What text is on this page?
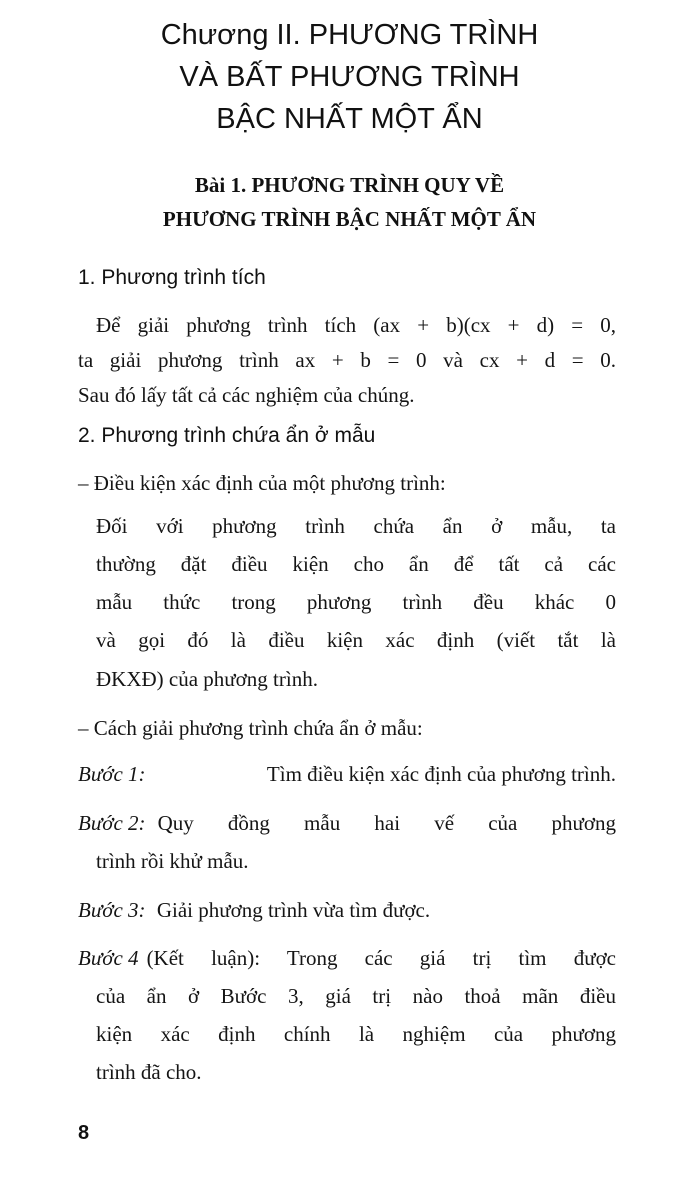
Chương II. PHƯƠNG TRÌNH
VÀ BẤT PHƯƠNG TRÌNH
BẬC NHẤT MỘT ẨN
Bài 1. PHƯƠNG TRÌNH QUY VỀ
PHƯƠNG TRÌNH BẬC NHẤT MỘT ẨN
1. Phương trình tích
Để giải phương trình tích (ax + b)(cx + d) = 0,
ta giải phương trình ax + b = 0 và cx + d = 0.
Sau đó lấy tất cả các nghiệm của chúng.
2. Phương trình chứa ẩn ở mẫu
– Điều kiện xác định của một phương trình:
Đối với phương trình chứa ẩn ở mẫu, ta
thường đặt điều kiện cho ẩn để tất cả các
mẫu thức trong phương trình đều khác 0
và gọi đó là điều kiện xác định (viết tắt là
ĐKXĐ) của phương trình.
– Cách giải phương trình chứa ẩn ở mẫu:
Bước 1:	Tìm điều kiện xác định của phương trình.
Bước 2: Quy đồng mẫu hai vế của phương
trình rồi khử mẫu.
Bước 3: Giải phương trình vừa tìm được.
Bước 4 (Kết luận): Trong các giá trị tìm được
của ẩn ở Bước 3, giá trị nào thoả mãn điều
kiện xác định chính là nghiệm của phương
trình đã cho.
8
